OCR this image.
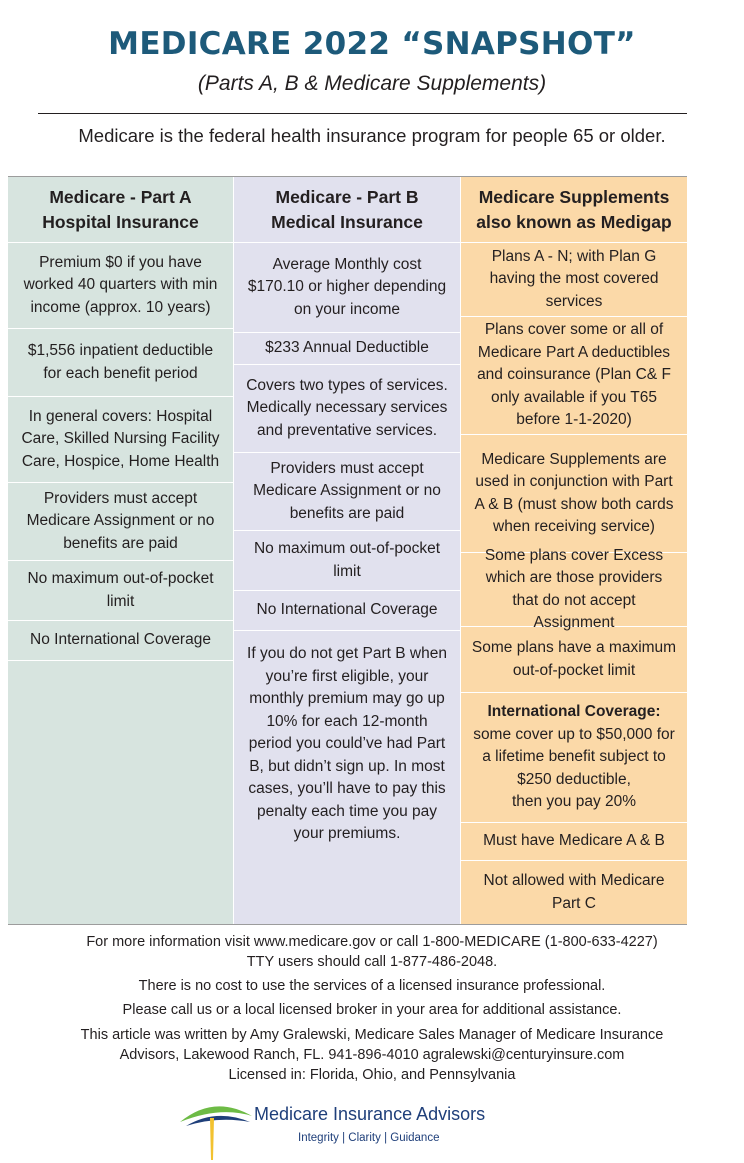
MEDICARE 2022 “SNAPSHOT”
(Parts A, B & Medicare Supplements)
Medicare is the federal health insurance program for people 65 or older.
Medicare - Part A
Hospital Insurance
Premium $0 if you have worked 40 quarters with min income (approx. 10 years)
$1,556 inpatient deductible for each benefit period
In general covers: Hospital Care, Skilled Nursing Facility Care, Hospice, Home Health
Providers must accept Medicare Assignment or no benefits are paid
No maximum out-of-pocket limit
No International Coverage
Medicare - Part B
Medical Insurance
Average Monthly cost $170.10 or higher depending on your income
$233 Annual Deductible
Covers two types of services. Medically necessary services and preventative services.
Providers must accept Medicare Assignment or no benefits are paid
No maximum out-of-pocket limit
No International Coverage
If you do not get Part B when you’re first eligible, your monthly premium may go up 10% for each 12-month period you could’ve had Part B, but didn’t sign up. In most cases, you’ll have to pay this penalty each time you pay your premiums.
Medicare Supplements
also known as Medigap
Plans A - N; with Plan G having the most covered services
Plans cover some or all of Medicare Part A deductibles and coinsurance (Plan C& F only available if you T65 before 1-1-2020)
Medicare Supplements are used in conjunction with Part A & B (must show both cards when receiving service)
Some plans cover Excess which are those providers that do not accept Assignment
Some plans have a maximum out-of-pocket limit
International Coverage:
some cover up to $50,000 for a lifetime benefit subject to $250 deductible,
then you pay 20%
Must have Medicare A & B
Not allowed with Medicare Part C
For more information visit www.medicare.gov or call 1-800-MEDICARE (1-800-633-4227)
TTY users should call 1-877-486-2048.
There is no cost to use the services of a licensed insurance professional.
Please call us or a local licensed broker in your area for additional assistance.
This article was written by Amy Gralewski, Medicare Sales Manager of Medicare Insurance
Advisors, Lakewood Ranch, FL. 941-896-4010 agralewski@centuryinsure.com
Licensed in: Florida, Ohio, and Pennsylvania
Medicare Insurance Advisors
Integrity | Clarity | Guidance
